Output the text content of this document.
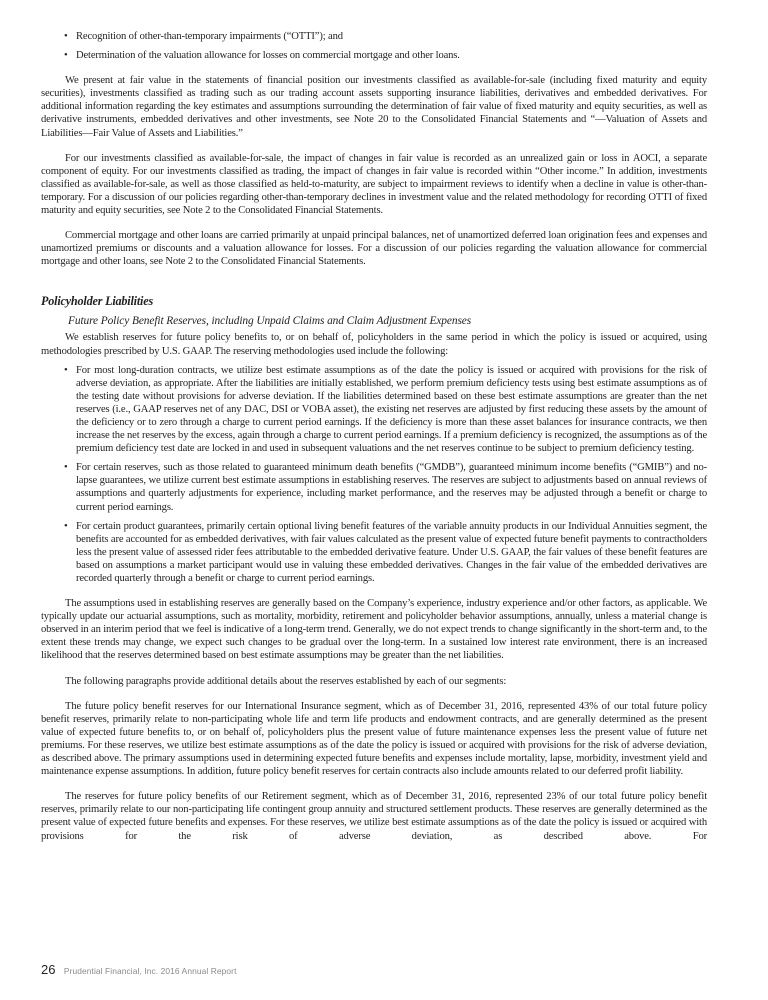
• Recognition of other-than-temporary impairments (“OTTI”); and
• Determination of the valuation allowance for losses on commercial mortgage and other loans.

We present at fair value in the statements of financial position our investments classified as available-for-sale (including fixed maturity and equity securities), investments classified as trading such as our trading account assets supporting insurance liabilities, derivatives and embedded derivatives. For additional information regarding the key estimates and assumptions surrounding the determination of fair value of fixed maturity and equity securities, as well as derivative instruments, embedded derivatives and other investments, see Note 20 to the Consolidated Financial Statements and “—Valuation of Assets and Liabilities—Fair Value of Assets and Liabilities.”

For our investments classified as available-for-sale, the impact of changes in fair value is recorded as an unrealized gain or loss in AOCI, a separate component of equity. For our investments classified as trading, the impact of changes in fair value is recorded within “Other income.” In addition, investments classified as available-for-sale, as well as those classified as held-to-maturity, are subject to impairment reviews to identify when a decline in value is other-than-temporary. For a discussion of our policies regarding other-than-temporary declines in investment value and the related methodology for recording OTTI of fixed maturity and equity securities, see Note 2 to the Consolidated Financial Statements.

Commercial mortgage and other loans are carried primarily at unpaid principal balances, net of unamortized deferred loan origination fees and expenses and unamortized premiums or discounts and a valuation allowance for losses. For a discussion of our policies regarding the valuation allowance for commercial mortgage and other loans, see Note 2 to the Consolidated Financial Statements.

Policyholder Liabilities
Future Policy Benefit Reserves, including Unpaid Claims and Claim Adjustment Expenses

We establish reserves for future policy benefits to, or on behalf of, policyholders in the same period in which the policy is issued or acquired, using methodologies prescribed by U.S. GAAP. The reserving methodologies used include the following:

• For most long-duration contracts, we utilize best estimate assumptions as of the date the policy is issued or acquired with provisions for the risk of adverse deviation, as appropriate. After the liabilities are initially established, we perform premium deficiency tests using best estimate assumptions as of the testing date without provisions for adverse deviation. If the liabilities determined based on these best estimate assumptions are greater than the net reserves (i.e., GAAP reserves net of any DAC, DSI or VOBA asset), the existing net reserves are adjusted by first reducing these assets by the amount of the deficiency or to zero through a charge to current period earnings. If the deficiency is more than these asset balances for insurance contracts, we then increase the net reserves by the excess, again through a charge to current period earnings. If a premium deficiency is recognized, the assumptions as of the premium deficiency test date are locked in and used in subsequent valuations and the net reserves continue to be subject to premium deficiency testing.
• For certain reserves, such as those related to guaranteed minimum death benefits (“GMDB”), guaranteed minimum income benefits (“GMIB”) and no-lapse guarantees, we utilize current best estimate assumptions in establishing reserves. The reserves are subject to adjustments based on annual reviews of assumptions and quarterly adjustments for experience, including market performance, and the reserves may be adjusted through a benefit or charge to current period earnings.
• For certain product guarantees, primarily certain optional living benefit features of the variable annuity products in our Individual Annuities segment, the benefits are accounted for as embedded derivatives, with fair values calculated as the present value of expected future benefit payments to contractholders less the present value of assessed rider fees attributable to the embedded derivative feature. Under U.S. GAAP, the fair values of these benefit features are based on assumptions a market participant would use in valuing these embedded derivatives. Changes in the fair value of the embedded derivatives are recorded quarterly through a benefit or charge to current period earnings.

The assumptions used in establishing reserves are generally based on the Company’s experience, industry experience and/or other factors, as applicable. We typically update our actuarial assumptions, such as mortality, morbidity, retirement and policyholder behavior assumptions, annually, unless a material change is observed in an interim period that we feel is indicative of a long-term trend. Generally, we do not expect trends to change significantly in the short-term and, to the extent these trends may change, we expect such changes to be gradual over the long-term. In a sustained low interest rate environment, there is an increased likelihood that the reserves determined based on best estimate assumptions may be greater than the net liabilities.

The following paragraphs provide additional details about the reserves established by each of our segments:

The future policy benefit reserves for our International Insurance segment, which as of December 31, 2016, represented 43% of our total future policy benefit reserves, primarily relate to non-participating whole life and term life products and endowment contracts, and are generally determined as the present value of expected future benefits to, or on behalf of, policyholders plus the present value of future maintenance expenses less the present value of future net premiums. For these reserves, we utilize best estimate assumptions as of the date the policy is issued or acquired with provisions for the risk of adverse deviation, as described above. The primary assumptions used in determining expected future benefits and expenses include mortality, lapse, morbidity, investment yield and maintenance expense assumptions. In addition, future policy benefit reserves for certain contracts also include amounts related to our deferred profit liability.

The reserves for future policy benefits of our Retirement segment, which as of December 31, 2016, represented 23% of our total future policy benefit reserves, primarily relate to our non-participating life contingent group annuity and structured settlement products. These reserves are generally determined as the present value of expected future benefits and expenses. For these reserves, we utilize best estimate assumptions as of the date the policy is issued or acquired with provisions for the risk of adverse deviation, as described above. For

26 Prudential Financial, Inc. 2016 Annual Report
